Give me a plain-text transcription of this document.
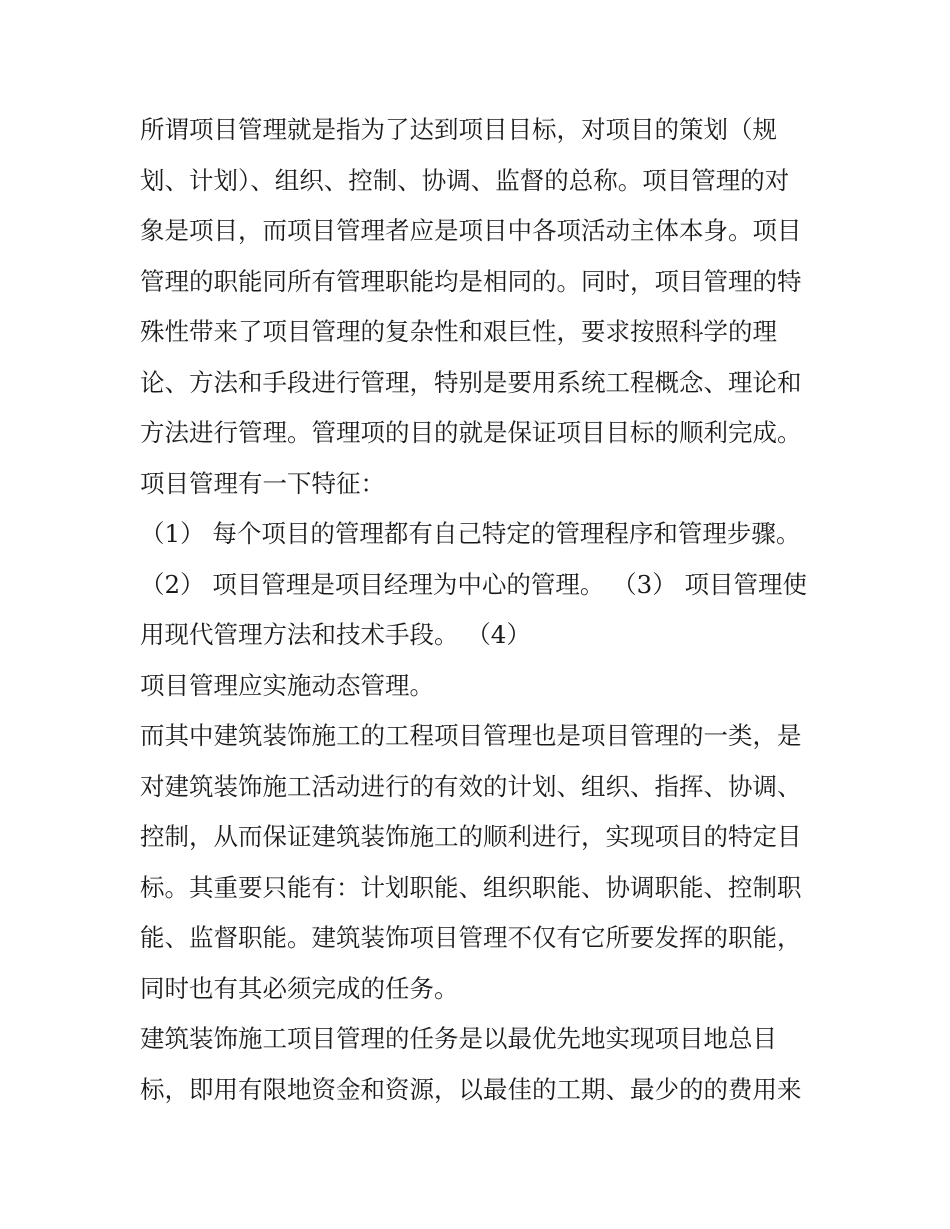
所谓项目管理就是指为了达到项目目标，对项目的策划（规
划、计划）、组织、控制、协调、监督的总称。项目管理的对
象是项目，而项目管理者应是项目中各项活动主体本身。项目
管理的职能同所有管理职能均是相同的。同时，项目管理的特
殊性带来了项目管理的复杂性和艰巨性，要求按照科学的理
论、方法和手段进行管理，特别是要用系统工程概念、理论和
方法进行管理。管理项的目的就是保证项目目标的顺利完成。
项目管理有一下特征：
（1） 每个项目的管理都有自己特定的管理程序和管理步骤。
（2） 项目管理是项目经理为中心的管理。 （3） 项目管理使
用现代管理方法和技术手段。 （4）
项目管理应实施动态管理。
而其中建筑装饰施工的工程项目管理也是项目管理的一类，是
对建筑装饰施工活动进行的有效的计划、组织、指挥、协调、
控制，从而保证建筑装饰施工的顺利进行，实现项目的特定目
标。其重要只能有：计划职能、组织职能、协调职能、控制职
能、监督职能。建筑装饰项目管理不仅有它所要发挥的职能，
同时也有其必须完成的任务。
建筑装饰施工项目管理的任务是以最优先地实现项目地总目
标，即用有限地资金和资源，以最佳的工期、最少的的费用来
